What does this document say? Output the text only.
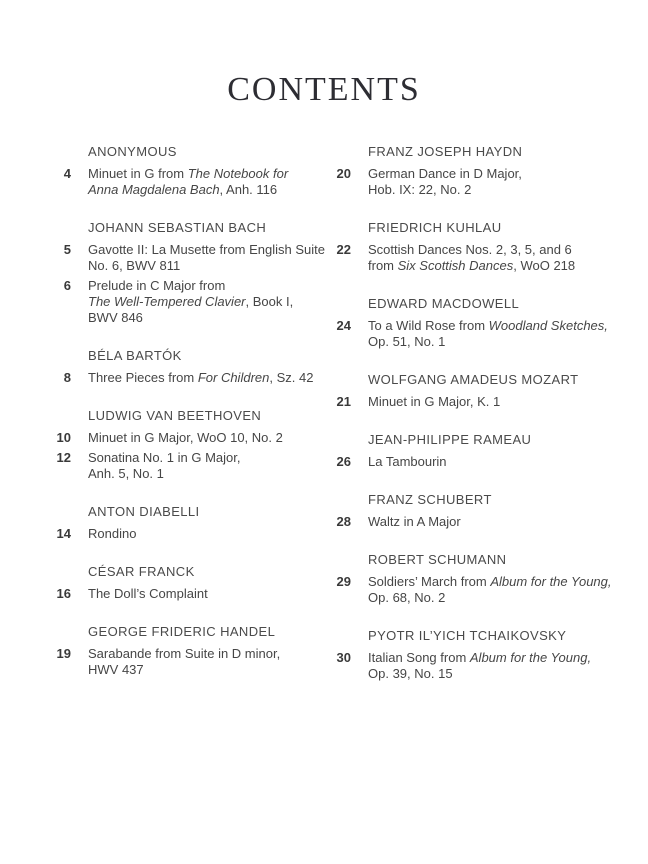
CONTENTS
ANONYMOUS
4 Minuet in G from The Notebook for
Anna Magdalena Bach, Anh. 116
JOHANN SEBASTIAN BACH
5 Gavotte II: La Musette from English Suite
No. 6, BWV 811
6 Prelude in C Major from
The Well-Tempered Clavier, Book I,
BWV 846
BÉLA BARTÓK
8 Three Pieces from For Children, Sz. 42
LUDWIG VAN BEETHOVEN
10 Minuet in G Major, WoO 10, No. 2
12 Sonatina No. 1 in G Major,
Anh. 5, No. 1
ANTON DIABELLI
14 Rondino
CÉSAR FRANCK
16 The Doll’s Complaint
GEORGE FRIDERIC HANDEL
19 Sarabande from Suite in D minor,
HWV 437
FRANZ JOSEPH HAYDN
20 German Dance in D Major,
Hob. IX: 22, No. 2
FRIEDRICH KUHLAU
22 Scottish Dances Nos. 2, 3, 5, and 6
from Six Scottish Dances, WoO 218
EDWARD MACDOWELL
24 To a Wild Rose from Woodland Sketches,
Op. 51, No. 1
WOLFGANG AMADEUS MOZART
21 Minuet in G Major, K. 1
JEAN-PHILIPPE RAMEAU
26 La Tambourin
FRANZ SCHUBERT
28 Waltz in A Major
ROBERT SCHUMANN
29 Soldiers’ March from Album for the Young,
Op. 68, No. 2
PYOTR IL’YICH TCHAIKOVSKY
30 Italian Song from Album for the Young,
Op. 39, No. 15
